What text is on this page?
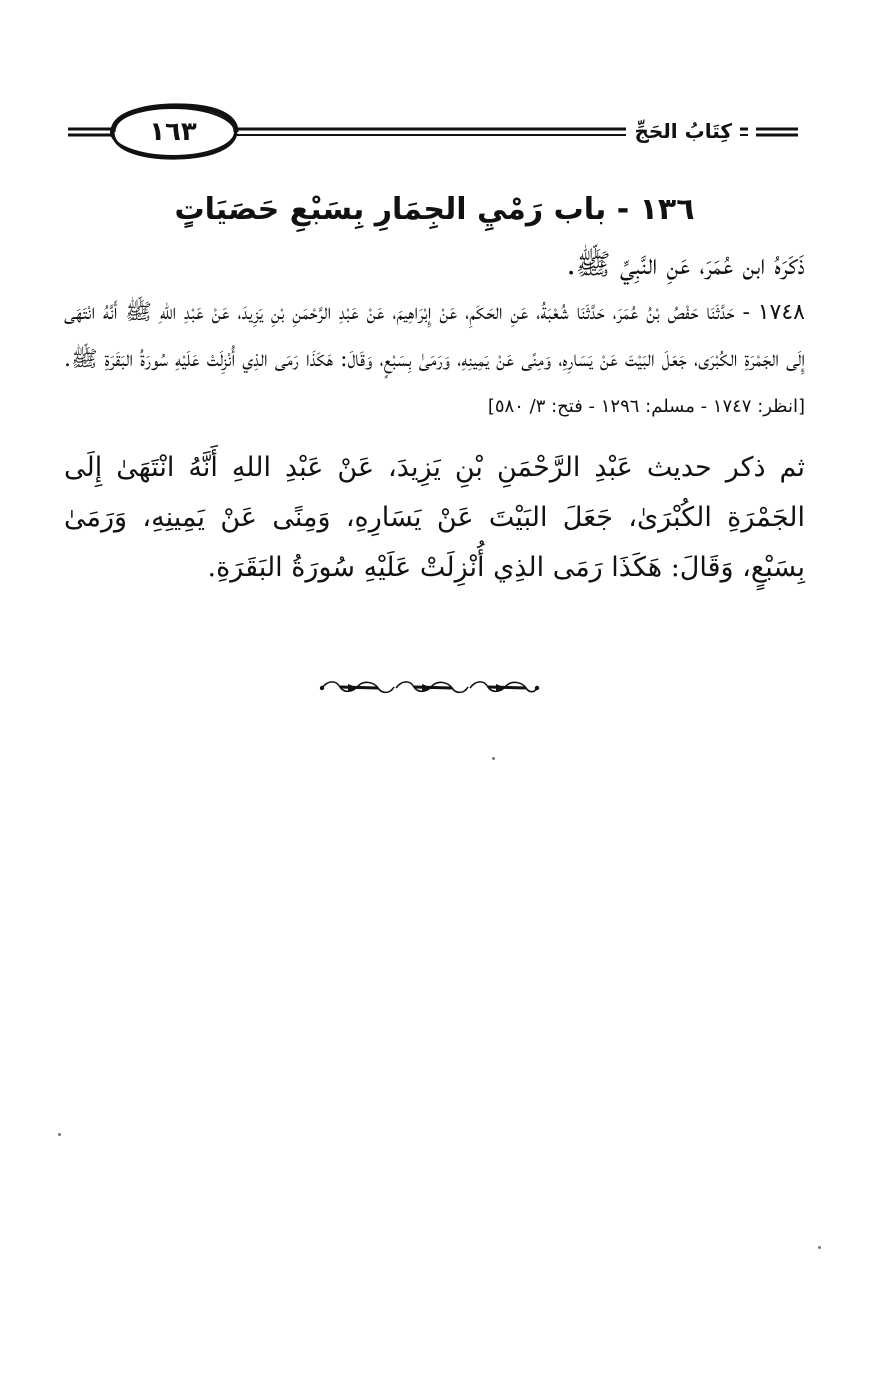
١٦٣	كِتَابُ الحَجِّ
١٣٦ - باب رَمْيِ الجِمَارِ بِسَبْعِ حَصَيَاتٍ

ذَكَرَهُ ابن عُمَرَ، عَنِ النَّبِيِّ ﷺ.

١٧٤٨ - حَدَّثَنَا حَفْصُ بْنُ عُمَرَ، حَدَّثَنَا شُعْبَةُ، عَنِ الحَكَمِ، عَنْ إِبْرَاهِيمَ، عَنْ عَبْدِ الرَّحْمَنِ بْنِ يَزِيدَ، عَنْ عَبْدِ اللهِ ﷺ أَنَّهُ انْتَهَى إِلَى الجَمْرَةِ الكُبْرَى، جَعَلَ البَيْتَ عَنْ يَسَارِهِ، وَمِنًى عَنْ يَمِينِهِ، وَرَمَىٰ بِسَبْعٍ، وَقَالَ: هَكَذَا رَمَى الذِي أُنْزِلَتْ عَلَيْهِ سُورَةُ البَقَرَةِ ﷺ. [انظر: ١٧٤٧ - مسلم: ١٢٩٦ - فتح: ٣/ ٥٨٠]

ثم ذكر حديث عَبْدِ الرَّحْمَنِ بْنِ يَزِيدَ، عَنْ عَبْدِ اللهِ أَنَّهُ انْتَهَىٰ إِلَى الجَمْرَةِ الكُبْرَىٰ، جَعَلَ البَيْتَ عَنْ يَسَارِهِ، وَمِنًى عَنْ يَمِينِهِ، وَرَمَىٰ بِسَبْعٍ، وَقَالَ: هَكَذَا رَمَى الذِي أُنْزِلَتْ عَلَيْهِ سُورَةُ البَقَرَةِ.
